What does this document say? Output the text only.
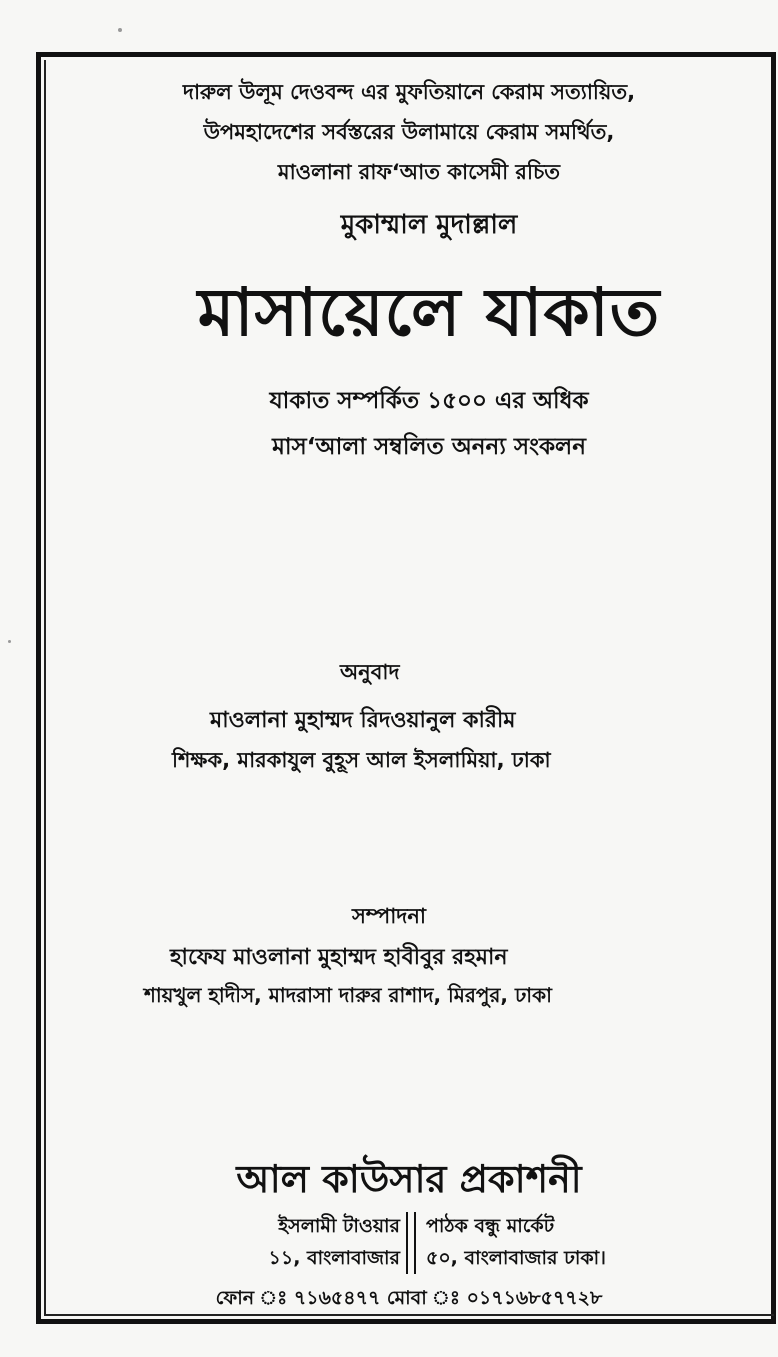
দারুল উলূম দেওবন্দ এর মুফতিয়ানে কেরাম সত্যায়িত,
উপমহাদেশের সর্বস্তরের উলামায়ে কেরাম সমর্থিত,
মাওলানা রাফ‘আত কাসেমী রচিত
মুকাম্মাল মুদাল্লাল
মাসায়েলে যাকাত
যাকাত সম্পর্কিত ১৫০০ এর অধিক
মাস‘আলা সম্বলিত অনন্য সংকলন
অনুবাদ
মাওলানা মুহাম্মদ রিদওয়ানুল কারীম
শিক্ষক, মারকাযুল বুহূস আল ইসলামিয়া, ঢাকা
সম্পাদনা
হাফেয মাওলানা মুহাম্মদ হাবীবুর রহমান
শায়খুল হাদীস, মাদরাসা দারুর রাশাদ, মিরপুর, ঢাকা
আল কাউসার প্রকাশনী
ইসলামী টাওয়ার
১১, বাংলাবাজার
পাঠক বন্ধু মার্কেট
৫০, বাংলাবাজার ঢাকা।
ফোন ঃ ৭১৬৫৪৭৭ মোবা ঃ ০১৭১৬৮৫৭৭২৮
